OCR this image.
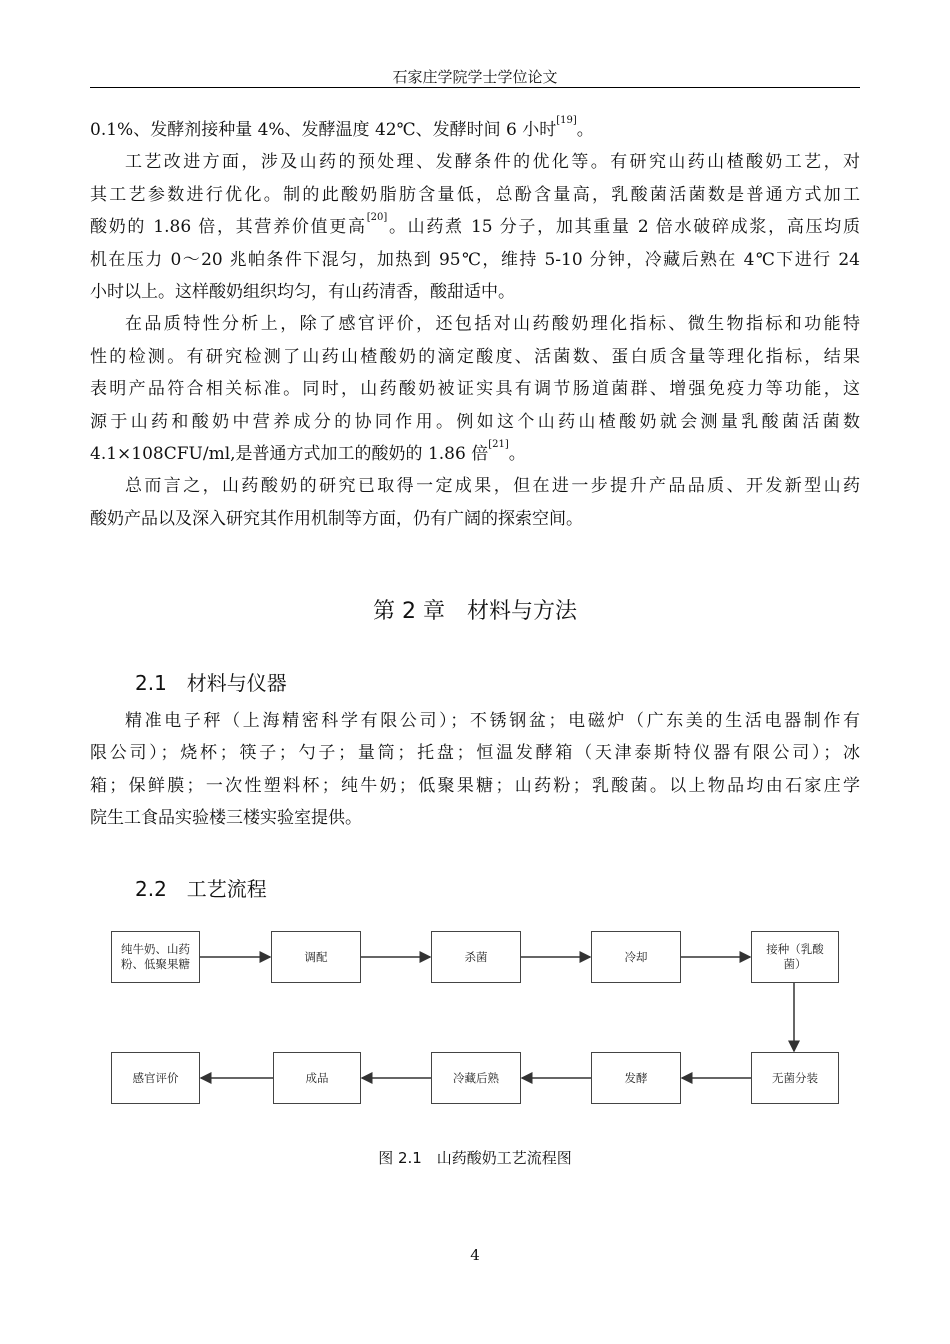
石家庄学院学士学位论文
0.1%、发酵剂接种量 4%、发酵温度 42℃、发酵时间 6 小时[19]。
工艺改进方面，涉及山药的预处理、发酵条件的优化等。有研究山药山楂酸奶工艺，对
其工艺参数进行优化。制的此酸奶脂肪含量低，总酚含量高，乳酸菌活菌数是普通方式加工
酸奶的 1.86 倍，其营养价值更高[20]。山药煮 15 分子，加其重量 2 倍水破碎成浆，高压均质
机在压力 0～20 兆帕条件下混匀，加热到 95℃，维持 5-10 分钟，冷藏后熟在 4℃下进行 24
小时以上。这样酸奶组织均匀，有山药清香，酸甜适中。
在品质特性分析上，除了感官评价，还包括对山药酸奶理化指标、微生物指标和功能特
性的检测。有研究检测了山药山楂酸奶的滴定酸度、活菌数、蛋白质含量等理化指标，结果
表明产品符合相关标准。同时，山药酸奶被证实具有调节肠道菌群、增强免疫力等功能，这
源于山药和酸奶中营养成分的协同作用。例如这个山药山楂酸奶就会测量乳酸菌活菌数
4.1×108CFU/ml,是普通方式加工的酸奶的 1.86 倍[21]。
总而言之，山药酸奶的研究已取得一定成果，但在进一步提升产品品质、开发新型山药
酸奶产品以及深入研究其作用机制等方面，仍有广阔的探索空间。
第 2 章　材料与方法
2.1　材料与仪器
精准电子秤（上海精密科学有限公司）；不锈钢盆；电磁炉（广东美的生活电器制作有
限公司）；烧杯；筷子；勺子；量筒；托盘；恒温发酵箱（天津泰斯特仪器有限公司）；冰
箱；保鲜膜；一次性塑料杯；纯牛奶；低聚果糖；山药粉；乳酸菌。以上物品均由石家庄学
院生工食品实验楼三楼实验室提供。
2.2　工艺流程
纯牛奶、山药粉、低聚果糖
调配	杀菌	冷却
接种（乳酸菌）
感官评价	成品	冷藏后熟	发酵	无菌分装
图 2.1　山药酸奶工艺流程图
4
